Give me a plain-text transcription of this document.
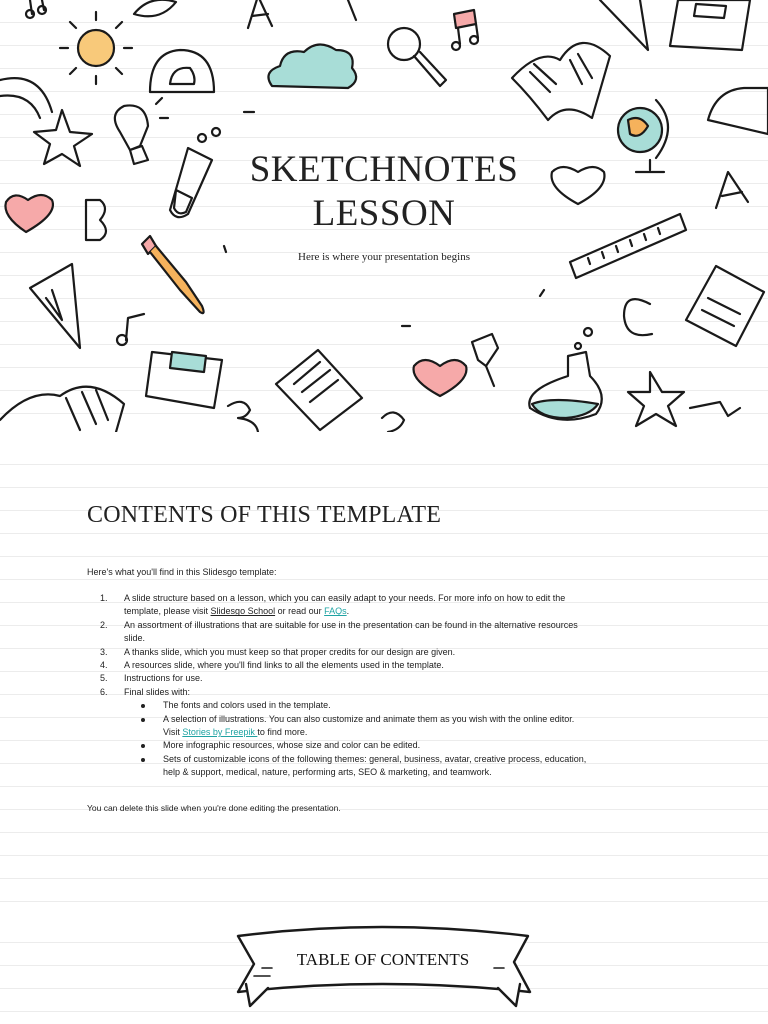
SKETCHNOTES
LESSON
Here is where your presentation begins
CONTENTS OF THIS TEMPLATE
Here's what you'll find in this Slidesgo template:
1. A slide structure based on a lesson, which you can easily adapt to your needs. For more info on how to edit the template, please visit Slidesgo School or read our FAQs.
2. An assortment of illustrations that are suitable for use in the presentation can be found in the alternative resources slide.
3. A thanks slide, which you must keep so that proper credits for our design are given.
4. A resources slide, where you'll find links to all the elements used in the template.
5. Instructions for use.
6. Final slides with:
The fonts and colors used in the template.
A selection of illustrations. You can also customize and animate them as you wish with the online editor. Visit Stories by Freepik to find more.
More infographic resources, whose size and color can be edited.
Sets of customizable icons of the following themes: general, business, avatar, creative process, education, help & support, medical, nature, performing arts, SEO & marketing, and teamwork.
You can delete this slide when you're done editing the presentation.
TABLE OF CONTENTS
